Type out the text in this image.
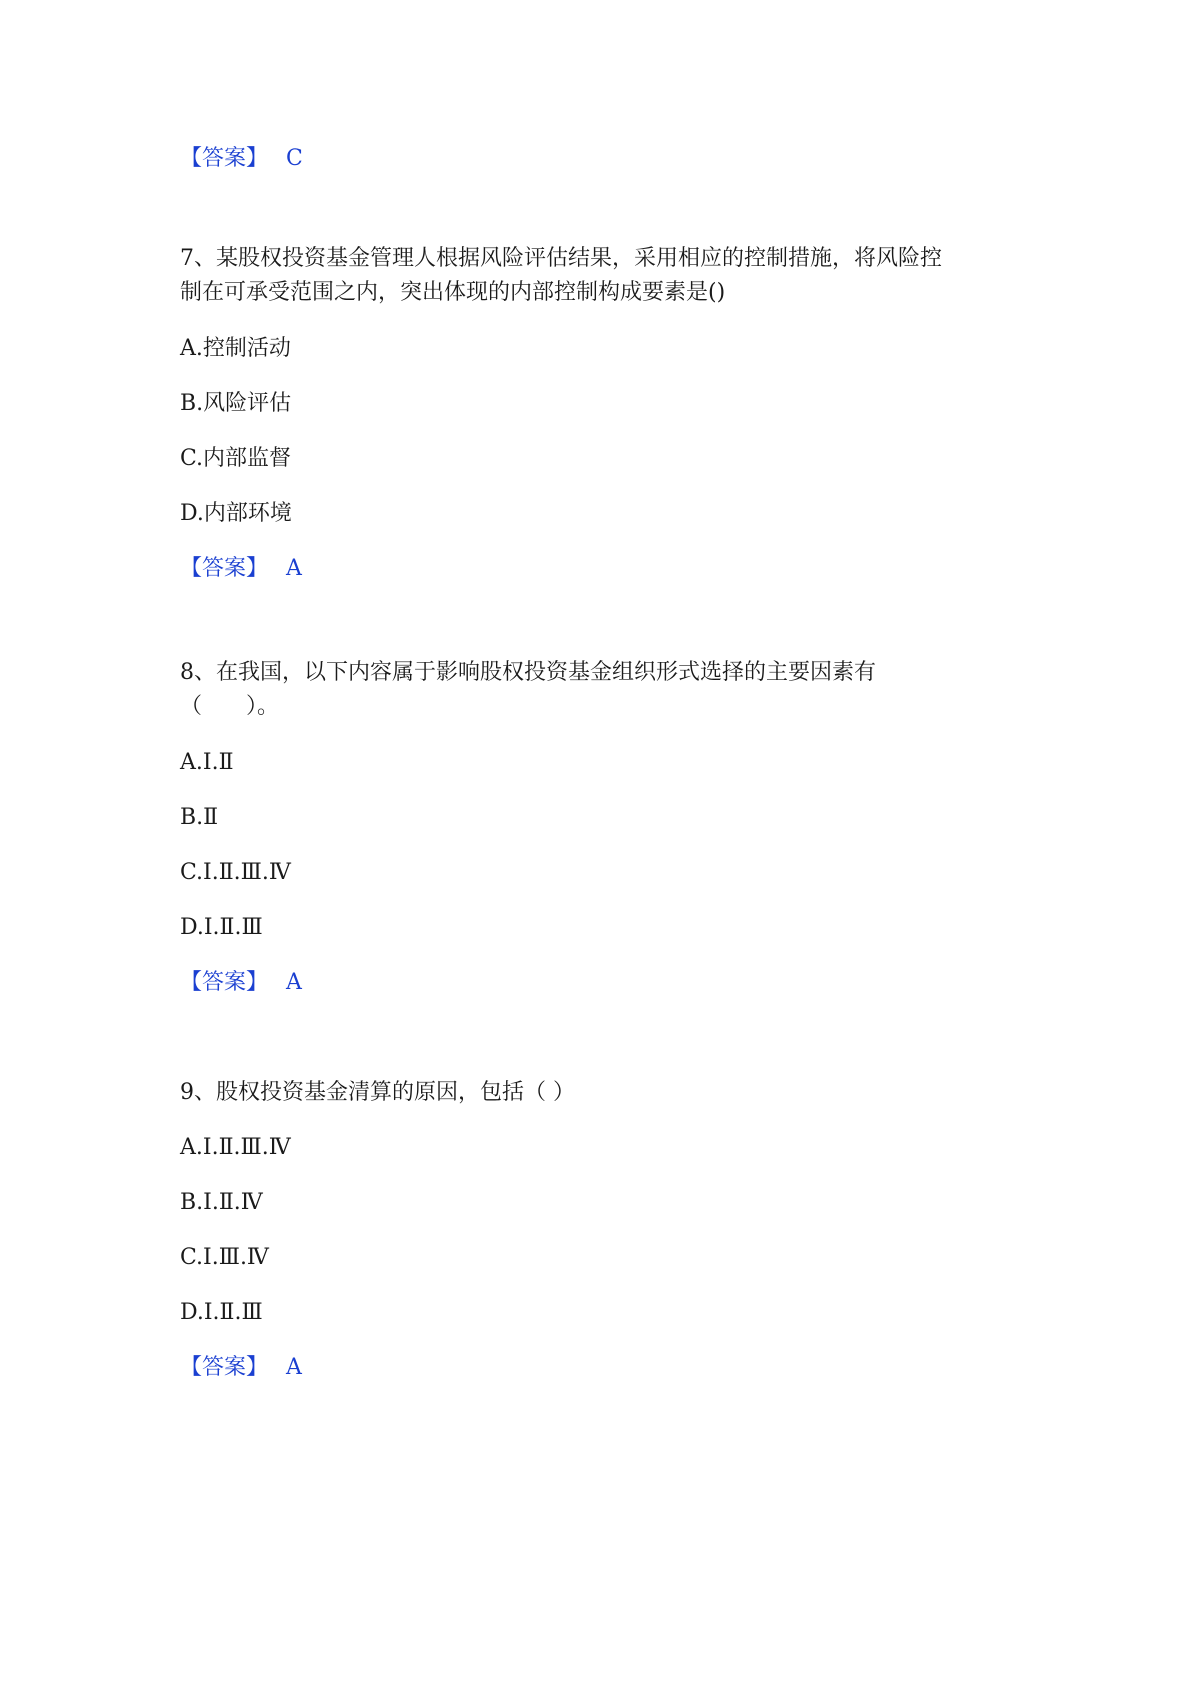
【答案】 C
7、某股权投资基金管理人根据风险评估结果，采用相应的控制措施，将风险控
制在可承受范围之内，突出体现的内部控制构成要素是()
A.控制活动
B.风险评估
C.内部监督
D.内部环境
【答案】 A
8、在我国，以下内容属于影响股权投资基金组织形式选择的主要因素有
（　　）。
A.Ⅰ.Ⅱ
B.Ⅱ
C.Ⅰ.Ⅱ.Ⅲ.Ⅳ
D.Ⅰ.Ⅱ.Ⅲ
【答案】 A
9、股权投资基金清算的原因，包括（ ）
A.Ⅰ.Ⅱ.Ⅲ.Ⅳ
B.Ⅰ.Ⅱ.Ⅳ
C.Ⅰ.Ⅲ.Ⅳ
D.Ⅰ.Ⅱ.Ⅲ
【答案】 A
